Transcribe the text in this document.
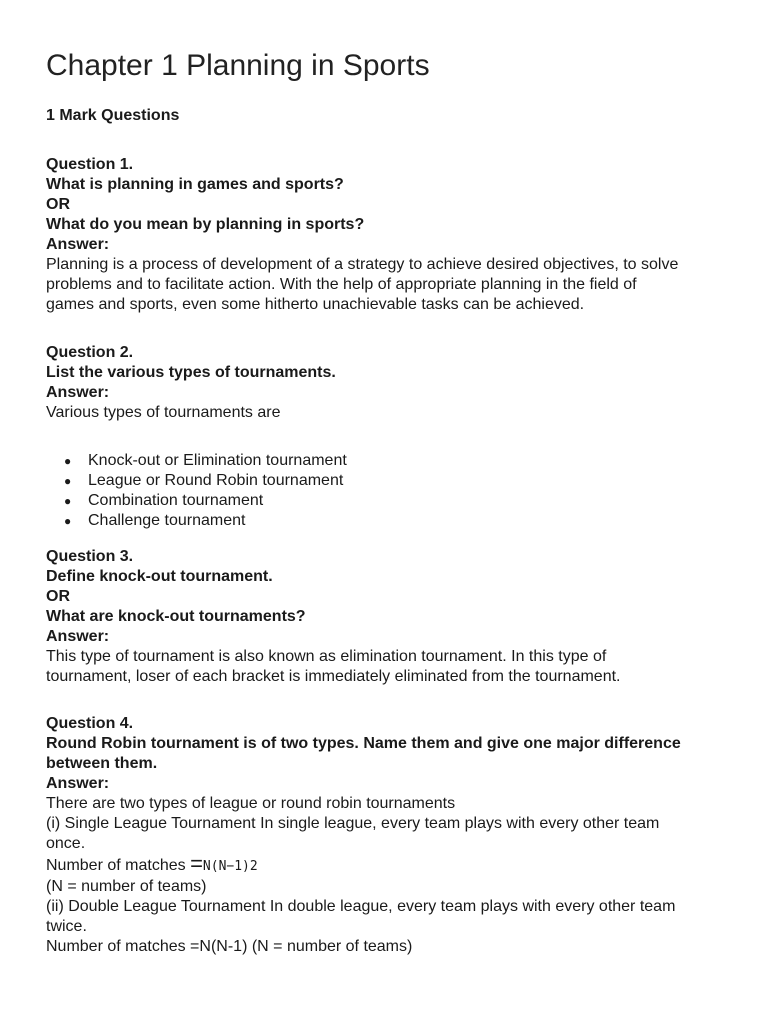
Chapter 1 Planning in Sports
1 Mark Questions
Question 1.
What is planning in games and sports?
OR
What do you mean by planning in sports?
Answer:
Planning is a process of development of a strategy to achieve desired objectives, to solve
problems and to facilitate action. With the help of appropriate planning in the field of
games and sports, even some hitherto unachievable tasks can be achieved.
Question 2.
List the various types of tournaments.
Answer:
Various types of tournaments are
● Knock-out or Elimination tournament
● League or Round Robin tournament
● Combination tournament
● Challenge tournament
Question 3.
Define knock-out tournament.
OR
What are knock-out tournaments?
Answer:
This type of tournament is also known as elimination tournament. In this type of
tournament, loser of each bracket is immediately eliminated from the tournament.
Question 4.
Round Robin tournament is of two types. Name them and give one major difference
between them.
Answer:
There are two types of league or round robin tournaments
(i) Single League Tournament In single league, every team plays with every other team
once.
Number of matches =N(N−1)2
(N = number of teams)
(ii) Double League Tournament In double league, every team plays with every other team
twice.
Number of matches =N(N-1) (N = number of teams)
